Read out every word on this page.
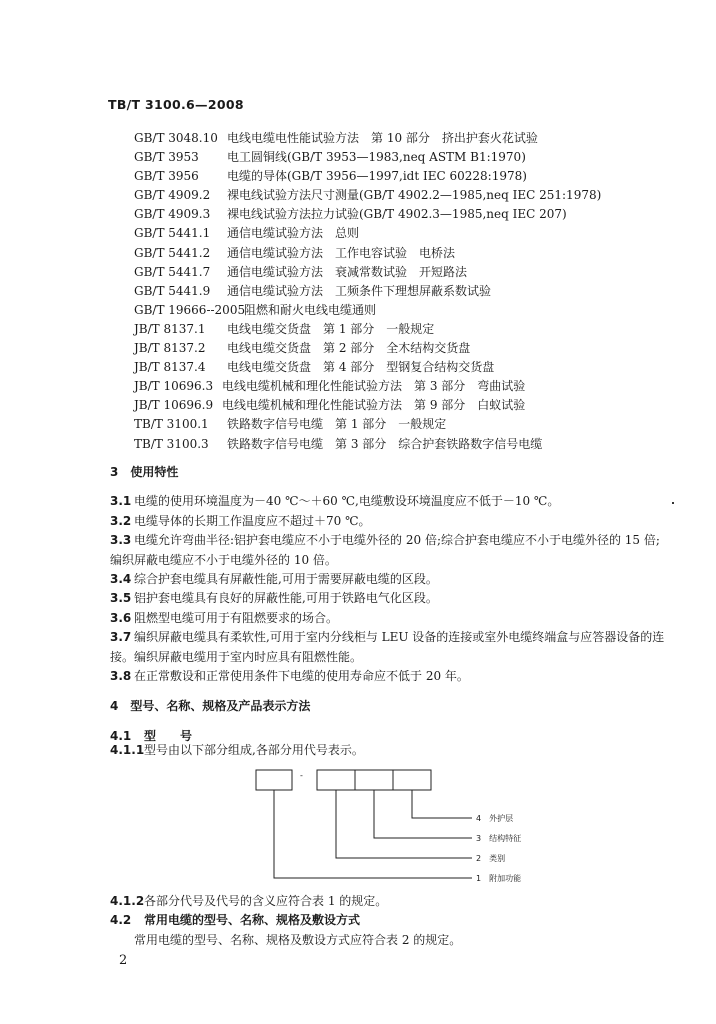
TB/T 3100.6—2008
GB/T 3048.10 电线电缆电性能试验方法　第 10 部分　挤出护套火花试验
GB/T 3953 电工圆铜线(GB/T 3953—1983,neq ASTM B1:1970)
GB/T 3956 电缆的导体(GB/T 3956—1997,idt IEC 60228:1978)
GB/T 4909.2 裸电线试验方法尺寸测量(GB/T 4902.2—1985,neq IEC 251:1978)
GB/T 4909.3 裸电线试验方法拉力试验(GB/T 4902.3—1985,neq IEC 207)
GB/T 5441.1 通信电缆试验方法　总则
GB/T 5441.2 通信电缆试验方法　工作电容试验　电桥法
GB/T 5441.7 通信电缆试验方法　衰减常数试验　开短路法
GB/T 5441.9 通信电缆试验方法　工频条件下理想屏蔽系数试验
GB/T 19666--2005阻燃和耐火电线电缆通则
JB/T 8137.1 电线电缆交货盘　第 1 部分　一般规定
JB/T 8137.2 电线电缆交货盘　第 2 部分　全木结构交货盘
JB/T 8137.4 电线电缆交货盘　第 4 部分　型钢复合结构交货盘
JB/T 10696.3 电线电缆机械和理化性能试验方法　第 3 部分　弯曲试验
JB/T 10696.9 电线电缆机械和理化性能试验方法　第 9 部分　白蚁试验
TB/T 3100.1 铁路数字信号电缆　第 1 部分　一般规定
TB/T 3100.3 铁路数字信号电缆　第 3 部分　综合护套铁路数字信号电缆
3　使用特性
3.1 电缆的使用环境温度为－40 ℃～＋60 ℃,电缆敷设环境温度应不低于－10 ℃。
3.2 电缆导体的长期工作温度应不超过＋70 ℃。
3.3 电缆允许弯曲半径:铝护套电缆应不小于电缆外径的 20 倍;综合护套电缆应不小于电缆外径的 15 倍;编织屏蔽电缆应不小于电缆外径的 10 倍。
3.4 综合护套电缆具有屏蔽性能,可用于需要屏蔽电缆的区段。
3.5 铝护套电缆具有良好的屏蔽性能,可用于铁路电气化区段。
3.6 阻燃型电缆可用于有阻燃要求的场合。
3.7 编织屏蔽电缆具有柔软性,可用于室内分线柜与 LEU 设备的连接或室外电缆终端盒与应答器设备的连接。编织屏蔽电缆用于室内时应具有阻燃性能。
3.8 在正常敷设和正常使用条件下电缆的使用寿命应不低于 20 年。
4　型号、名称、规格及产品表示方法
4.1 型　　号
4.1.1型号由以下部分组成,各部分用代号表示。
-
4　外护层
3　结构特征
2　类别
1　附加功能
4.1.2各部分代号及代号的含义应符合表 1 的规定。
4.2 常用电缆的型号、名称、规格及敷设方式
常用电缆的型号、名称、规格及敷设方式应符合表 2 的规定。
2
